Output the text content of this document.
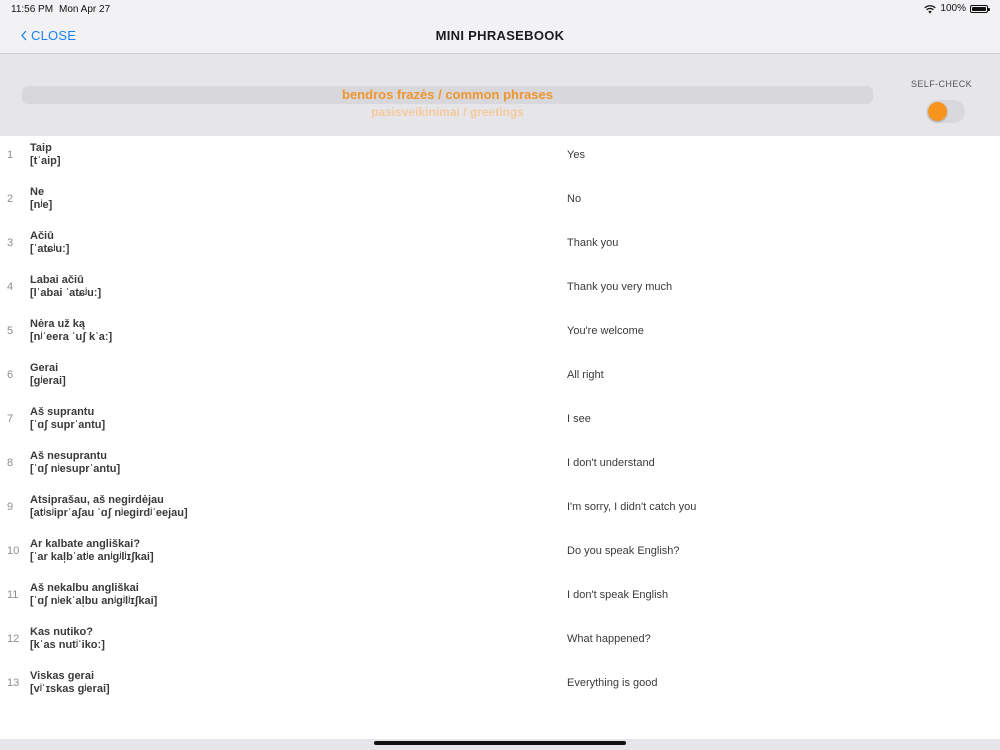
11:56 PM Mon Apr 27	100%
CLOSE	MINI PHRASEBOOK
bendros frazės / common phrases
pasisveikinimai / greetings
SELF-CHECK
1
Taip
[tˈaip]	Yes
2
Ne
[nʲe]	No
3
Ačiū
[ˈatɕʲuː]	Thank you
4
Labai ačiū
[lˈabai ˈatɕʲuː]	Thank you very much
5
Nėra už ką
[nʲˈeera ˈuʃ kˈaː]	You're welcome
6
Gerai
[gʲerai]	All right
7
Aš suprantu
[ˈɑʃ suprˈantu]	I see
8
Aš nesuprantu
[ˈɑʃ nʲesuprˈantu]	I don't understand
9
Atsiprašau, aš negirdėjau
[atʲsʲiprˈaʃau ˈɑʃ nʲegirdʲˈeejau]	I'm sorry, I didn't catch you
10
Ar kalbate angliškai?
[ˈar kal̩bˈatʲe anʲgʲlʲɪʃkai]	Do you speak English?
11
Aš nekalbu angliškai
[ˈɑʃ nʲekˈal̩bu anʲgʲlʲɪʃkai]	I don't speak English
12
Kas nutiko?
[kˈas nutʲˈikoː]	What happened?
13
Viskas gerai
[vʲˈɪskas gʲerai]	Everything is good
